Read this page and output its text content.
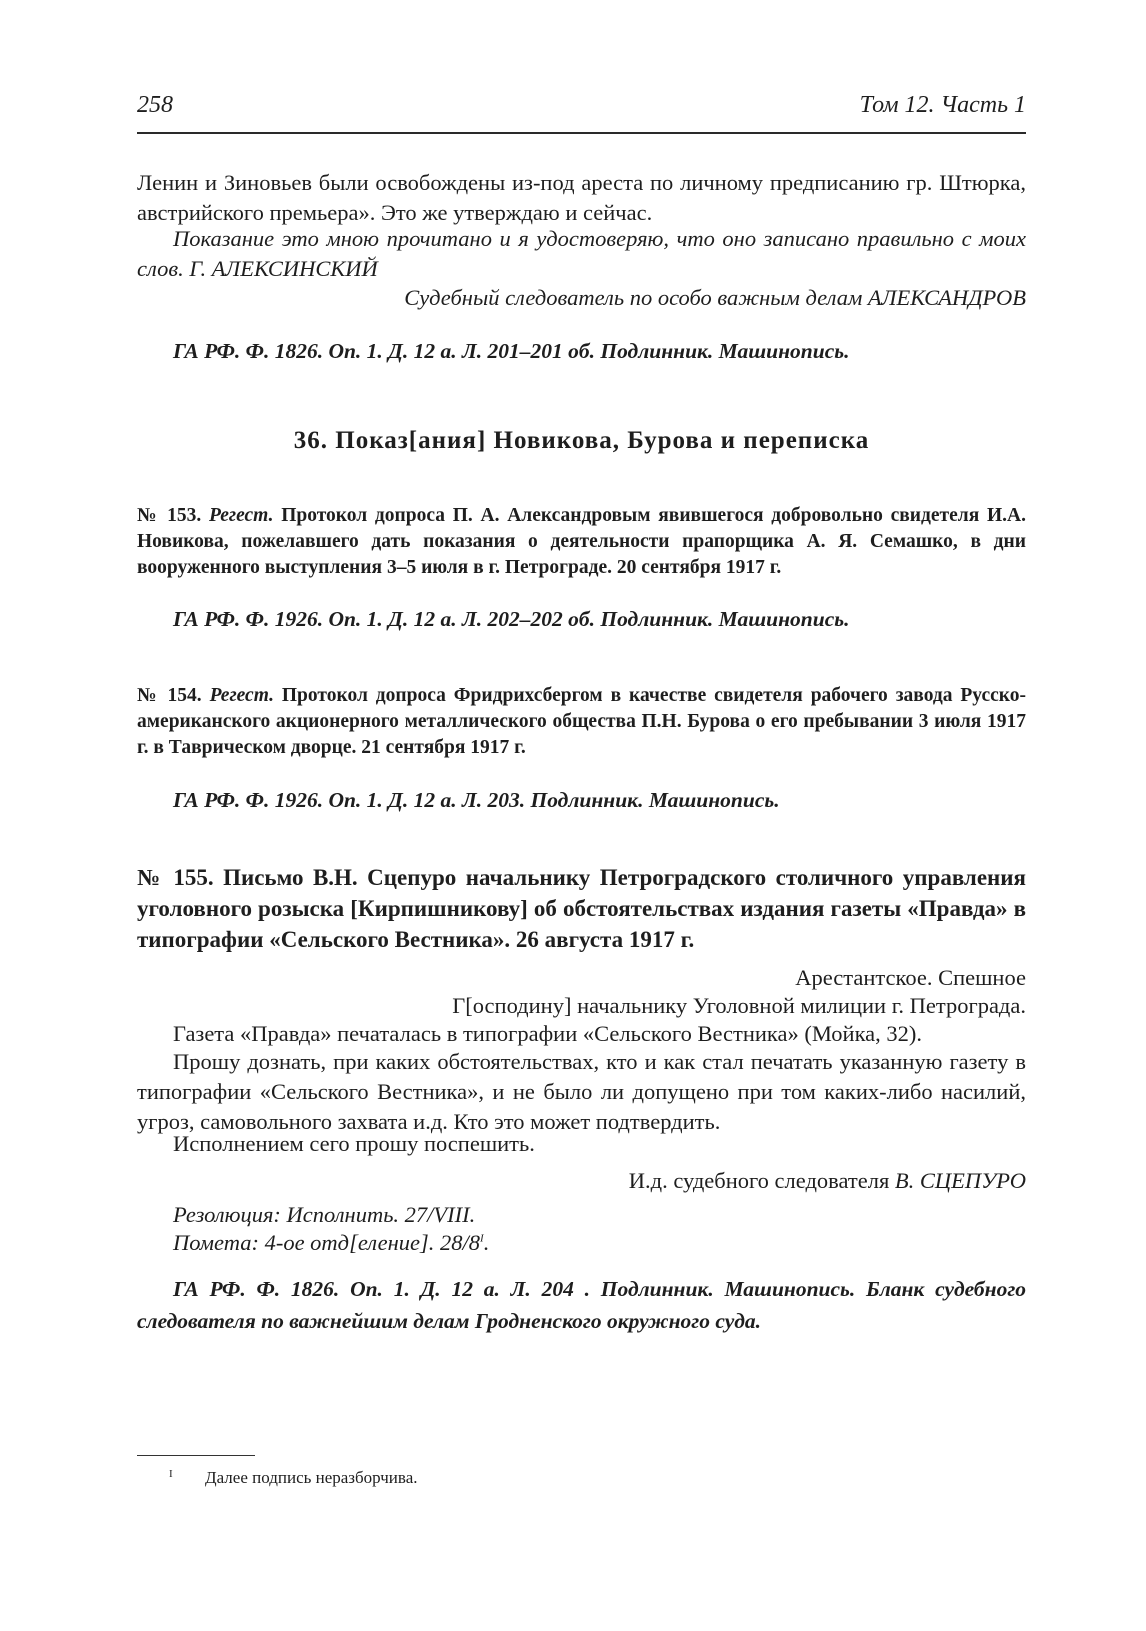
258	Том 12. Часть 1

Ленин и Зиновьев были освобождены из-под ареста по личному предписанию гр. Штюрка, австрийского премьера». Это же утверждаю и сейчас.

Показание это мною прочитано и я удостоверяю, что оно записано правильно с моих слов. Г. АЛЕКСИНСКИЙ

Судебный следователь по особо важным делам АЛЕКСАНДРОВ

ГА РФ. Ф. 1826. Оп. 1. Д. 12 а. Л. 201–201 об. Подлинник. Машинопись.

36. Показ[ания] Новикова, Бурова и переписка

№ 153. Регест. Протокол допроса П. А. Александровым явившегося добровольно свидетеля И.А. Новикова, пожелавшего дать показания о деятельности прапорщика А. Я. Семашко, в дни вооруженного выступления 3–5 июля в г. Петрограде. 20 сентября 1917 г.

ГА РФ. Ф. 1926. Оп. 1. Д. 12 а. Л. 202–202 об. Подлинник. Машинопись.

№ 154. Регест. Протокол допроса Фридрихсбергом в качестве свидетеля рабочего завода Русско-американского акционерного металлического общества П.Н. Бурова о его пребывании 3 июля 1917 г. в Таврическом дворце. 21 сентября 1917 г.

ГА РФ. Ф. 1926. Оп. 1. Д. 12 а. Л. 203. Подлинник. Машинопись.

№ 155. Письмо В.Н. Сцепуро начальнику Петроградского столичного управления уголовного розыска [Кирпишникову] об обстоятельствах издания газеты «Правда» в типографии «Сельского Вестника». 26 августа 1917 г.

Арестантское. Спешное

Г[осподину] начальнику Уголовной милиции г. Петрограда.

Газета «Правда» печаталась в типографии «Сельского Вестника» (Мойка, 32).

Прошу дознать, при каких обстоятельствах, кто и как стал печатать указанную газету в типографии «Сельского Вестника», и не было ли допущено при том каких-либо насилий, угроз, самовольного захвата и.д. Кто это может подтвердить.

Исполнением сего прошу поспешить.

И.д. судебного следователя В. СЦЕПУРО

Резолюция: Исполнить. 27/VIII.

Помета: 4-ое отд[еление]. $28/8^I$.

ГА РФ. Ф. 1826. Оп. 1. Д. 12 а. Л. 204 . Подлинник. Машинопись. Бланк судебного следователя по важнейшим делам Гродненского окружного суда.

I Далее подпись неразборчива.
